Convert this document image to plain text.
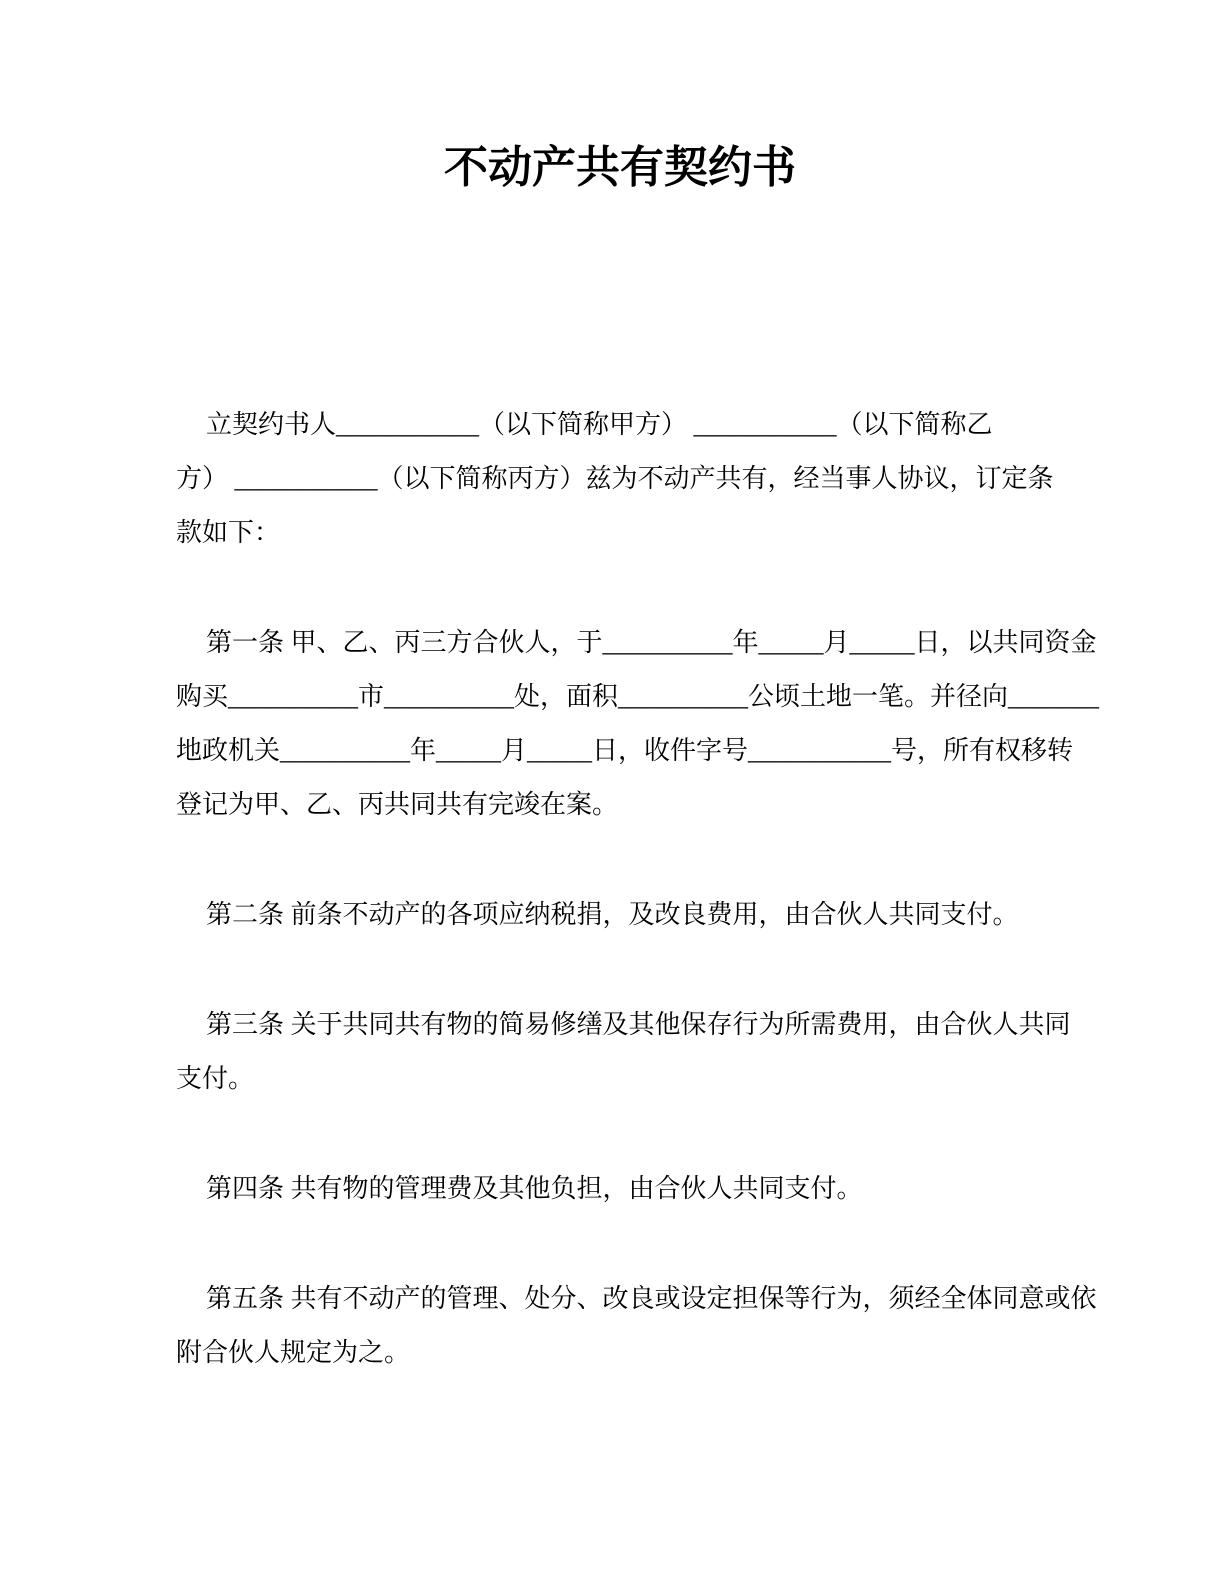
不动产共有契约书
立契约书人___________（以下简称甲方） ___________（以下简称乙
方） ___________（以下简称丙方）兹为不动产共有，经当事人协议，订定条
款如下：
第一条 甲、乙、丙三方合伙人，于__________年_____月_____日，以共同资金
购买__________市__________处，面积__________公顷土地一笔。并径向_______
地政机关__________年_____月_____日，收件字号___________号，所有权移转
登记为甲、乙、丙共同共有完竣在案。
第二条 前条不动产的各项应纳税捐，及改良费用，由合伙人共同支付。
第三条 关于共同共有物的简易修缮及其他保存行为所需费用，由合伙人共同
支付。
第四条 共有物的管理费及其他负担，由合伙人共同支付。
第五条 共有不动产的管理、处分、改良或设定担保等行为，须经全体同意或依
附合伙人规定为之。
